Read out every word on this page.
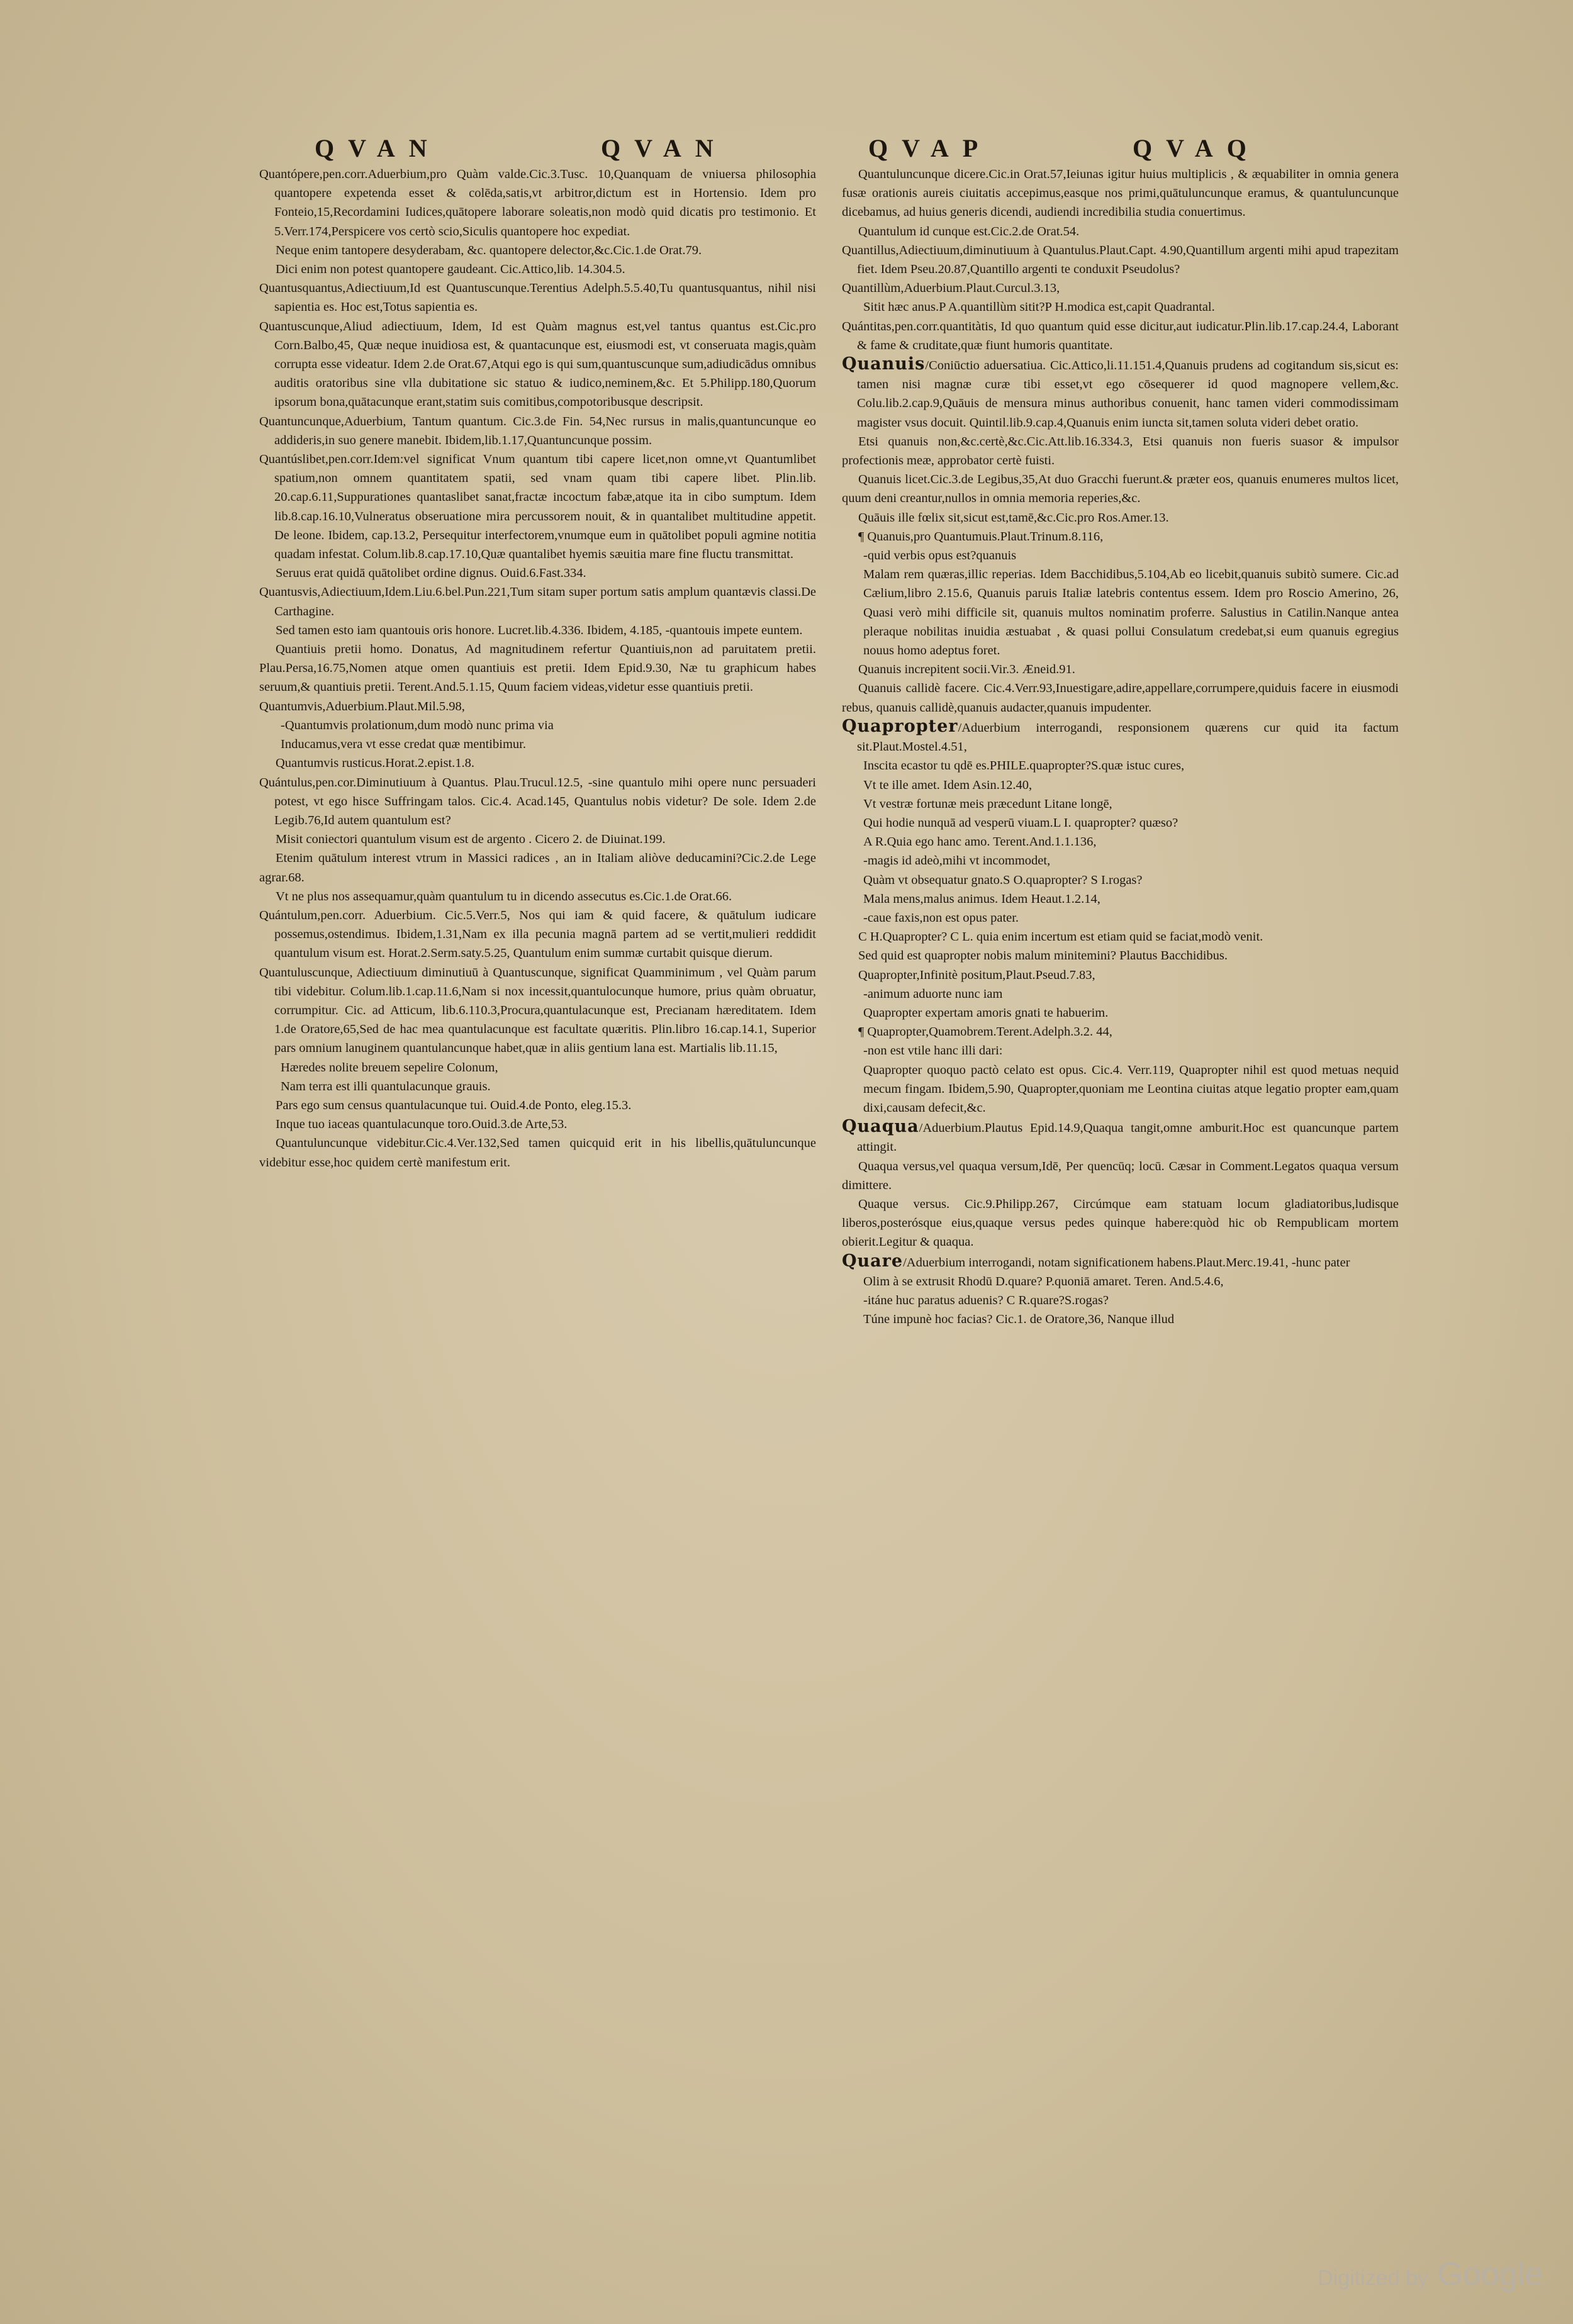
QVAN	QVAN	QVAP	QVAQ

Quantópere,pen.corr.Aduerbium,pro Quàm valde.Cic.3.Tusc. 10,Quanquam de vniuersa philosophia quantopere expetenda esset & colēda,satis,vt arbitror,dictum est in Hortensio. Idem pro Fonteio,15,Recordamini Iudices,quātopere laborare soleatis,non modò quid dicatis pro testimonio. Et 5.Verr.174,Perspicere vos certò scio,Siculis quantopere hoc expediat.

Neque enim tantopere desyderabam, &c. quantopere delector,&c.Cic.1.de Orat.79.

Dici enim non potest quantopere gaudeant. Cic.Attico,lib. 14.304.5.

Quantusquantus,Adiectiuum,Id est Quantuscunque.Terentius Adelph.5.5.40,Tu quantusquantus, nihil nisi sapientia es. Hoc est,Totus sapientia es.

Quantuscunque,Aliud adiectiuum, Idem, Id est Quàm magnus est,vel tantus quantus est.Cic.pro Corn.Balbo,45, Quæ neque inuidiosa est, & quantacunque est, eiusmodi est, vt conseruata magis,quàm corrupta esse videatur. Idem 2.de Orat.67,Atqui ego is qui sum,quantuscunque sum,adiudicādus omnibus auditis oratoribus sine vlla dubitatione sic statuo & iudico,neminem,&c. Et 5.Philipp.180,Quorum ipsorum bona,quātacunque erant,statim suis comitibus,compotoribusque descripsit.

Quantuncunque,Aduerbium, Tantum quantum. Cic.3.de Fin. 54,Nec rursus in malis,quantuncunque eo addideris,in suo genere manebit. Ibidem,lib.1.17,Quantuncunque possim.

Quantúslibet,pen.corr.Idem:vel significat Vnum quantum tibi capere licet,non omne,vt Quantumlibet spatium,non omnem quantitatem spatii, sed vnam quam tibi capere libet. Plin.lib. 20.cap.6.11,Suppurationes quantaslibet sanat,fractæ incoctum fabæ,atque ita in cibo sumptum. Idem lib.8.cap.16.10,Vulneratus obseruatione mira percussorem nouit, & in quantalibet multitudine appetit. De leone. Ibidem, cap.13.2, Persequitur interfectorem,vnumque eum in quātolibet populi agmine notitia quadam infestat. Colum.lib.8.cap.17.10,Quæ quantalibet hyemis sæuitia mare fine fluctu transmittat.

Seruus erat quidā quātolibet ordine dignus. Ouid.6.Fast.334.

Quantusvis,Adiectiuum,Idem.Liu.6.bel.Pun.221,Tum sitam super portum satis amplum quantævis classi.De Carthagine.

Sed tamen esto iam quantouis oris honore. Lucret.lib.4.336. Ibidem, 4.185, -quantouis impete euntem.

Quantiuis pretii homo. Donatus, Ad magnitudinem refertur Quantiuis,non ad paruitatem pretii. Plau.Persa,16.75,Nomen atque omen quantiuis est pretii. Idem Epid.9.30, Næ tu graphicum habes seruum,& quantiuis pretii. Terent.And.5.1.15, Quum faciem videas,videtur esse quantiuis pretii.

Quantumvis,Aduerbium.Plaut.Mil.5.98,

-Quantumvis prolationum,dum modò nunc prima via

Inducamus,vera vt esse credat quæ mentibimur.

Quantumvis rusticus.Horat.2.epist.1.8.

Quántulus,pen.cor.Diminutiuum à Quantus. Plau.Trucul.12.5, -sine quantulo mihi opere nunc persuaderi potest, vt ego hisce Suffringam talos. Cic.4. Acad.145, Quantulus nobis videtur? De sole. Idem 2.de Legib.76,Id autem quantulum est?

Misit coniectori quantulum visum est de argento . Cicero 2. de Diuinat.199.

Etenim quātulum interest vtrum in Massici radices , an in Italiam aliòve deducamini?Cic.2.de Lege agrar.68.

Vt ne plus nos assequamur,quàm quantulum tu in dicendo assecutus es.Cic.1.de Orat.66.

Quántulum,pen.corr. Aduerbium. Cic.5.Verr.5, Nos qui iam & quid facere, & quātulum iudicare possemus,ostendimus. Ibidem,1.31,Nam ex illa pecunia magnā partem ad se vertit,mulieri reddidit quantulum visum est. Horat.2.Serm.saty.5.25, Quantulum enim summæ curtabit quisque dierum.

Quantuluscunque, Adiectiuum diminutiuū à Quantuscunque, significat Quamminimum , vel Quàm parum tibi videbitur. Colum.lib.1.cap.11.6,Nam si nox incessit,quantulocunque humore, prius quàm obruatur, corrumpitur. Cic. ad Atticum, lib.6.110.3,Procura,quantulacunque est, Precianam hæreditatem. Idem 1.de Oratore,65,Sed de hac mea quantulacunque est facultate quæritis. Plin.libro 16.cap.14.1, Superior pars omnium lanuginem quantulancunque habet,quæ in aliis gentium lana est. Martialis lib.11.15,

Hæredes nolite breuem sepelire Colonum,

Nam terra est illi quantulacunque grauis.

Pars ego sum census quantulacunque tui. Ouid.4.de Ponto, eleg.15.3.

Inque tuo iaceas quantulacunque toro.Ouid.3.de Arte,53.

Quantuluncunque videbitur.Cic.4.Ver.132,Sed tamen quicquid erit in his libellis,quātuluncunque videbitur esse,hoc quidem certè manifestum erit.

Quantuluncunque dicere.Cic.in Orat.57,Ieiunas igitur huius multiplicis , & æquabiliter in omnia genera fusæ orationis aureis ciuitatis accepimus,easque nos primi,quātuluncunque eramus, & quantuluncunque dicebamus, ad huius generis dicendi, audiendi incredibilia studia conuertimus.

Quantulum id cunque est.Cic.2.de Orat.54.

Quantillus,Adiectiuum,diminutiuum à Quantulus.Plaut.Capt. 4.90,Quantillum argenti mihi apud trapezitam fiet. Idem Pseu.20.87,Quantillo argenti te conduxit Pseudolus?

Quantillùm,Aduerbium.Plaut.Curcul.3.13,

Sitit hæc anus.P A.quantillùm sitit?P H.modica est,capit Quadrantal.

Quántitas,pen.corr.quantitàtis, Id quo quantum quid esse dicitur,aut iudicatur.Plin.lib.17.cap.24.4, Laborant & fame & cruditate,quæ fiunt humoris quantitate.

Quanuis/Coniūctio aduersatiua. Cic.Attico,li.11.151.4,Quanuis prudens ad cogitandum sis,sicut es: tamen nisi magnæ curæ tibi esset,vt ego cōsequerer id quod magnopere vellem,&c. Colu.lib.2.cap.9,Quāuis de mensura minus authoribus conuenit, hanc tamen videri commodissimam magister vsus docuit. Quintil.lib.9.cap.4,Quanuis enim iuncta sit,tamen soluta videri debet oratio.

Etsi quanuis non,&c.certè,&c.Cic.Att.lib.16.334.3, Etsi quanuis non fueris suasor & impulsor profectionis meæ, approbator certè fuisti.

Quanuis licet.Cic.3.de Legibus,35,At duo Gracchi fuerunt.& præter eos, quanuis enumeres multos licet, quum deni creantur,nullos in omnia memoria reperies,&c.

Quāuis ille fœlix sit,sicut est,tamē,&c.Cic.pro Ros.Amer.13.

¶ Quanuis,pro Quantumuis.Plaut.Trinum.8.116,

-quid verbis opus est?quanuis

Malam rem quæras,illic reperias. Idem Bacchidibus,5.104,Ab eo licebit,quanuis subitò sumere. Cic.ad Cælium,libro 2.15.6, Quanuis paruis Italiæ latebris contentus essem. Idem pro Roscio Amerino, 26, Quasi verò mihi difficile sit, quanuis multos nominatim proferre. Salustius in Catilin.Nanque antea pleraque nobilitas inuidia æstuabat , & quasi pollui Consulatum credebat,si eum quanuis egregius nouus homo adeptus foret.

Quanuis increpitent socii.Vir.3. Æneid.91.

Quanuis callidè facere. Cic.4.Verr.93,Inuestigare,adire,appellare,corrumpere,quiduis facere in eiusmodi rebus, quanuis callidè,quanuis audacter,quanuis impudenter.

Quapropter/Aduerbium interrogandi, responsionem quærens cur quid ita factum sit.Plaut.Mostel.4.51,

Inscita ecastor tu qdē es.PHILE.quapropter?S.quæ istuc cures,

Vt te ille amet. Idem Asin.12.40,

Vt vestræ fortunæ meis præcedunt Litane longē,

Qui hodie nunquā ad vesperū viuam.L I. quapropter? quæso?

A R.Quia ego hanc amo. Terent.And.1.1.136,

-magis id adeò,mihi vt incommodet,

Quàm vt obsequatur gnato.S O.quapropter? S I.rogas?

Mala mens,malus animus. Idem Heaut.1.2.14,

-caue faxis,non est opus pater.

C H.Quapropter? C L. quia enim incertum est etiam quid se faciat,modò venit.

Sed quid est quapropter nobis malum minitemini? Plautus Bacchidibus.

Quapropter,Infinitè positum,Plaut.Pseud.7.83,

-animum aduorte nunc iam

Quapropter expertam amoris gnati te habuerim.

¶ Quapropter,Quamobrem.Terent.Adelph.3.2. 44,

-non est vtile hanc illi dari:

Quapropter quoquo pactò celato est opus. Cic.4. Verr.119, Quapropter nihil est quod metuas nequid mecum fingam. Ibidem,5.90, Quapropter,quoniam me Leontina ciuitas atque legatio propter eam,quam dixi,causam defecit,&c.

Quaqua/Aduerbium.Plautus Epid.14.9,Quaqua tangit,omne amburit.Hoc est quancunque partem attingit.

Quaqua versus,vel quaqua versum,Idē, Per quencūq; locū. Cæsar in Comment.Legatos quaqua versum dimittere.

Quaque versus. Cic.9.Philipp.267, Circúmque eam statuam locum gladiatoribus,ludisque liberos,posterósque eius,quaque versus pedes quinque habere:quòd hic ob Rempublicam mortem obierit.Legitur & quaqua.

Quare/Aduerbium interrogandi, notam significationem habens.Plaut.Merc.19.41, -hunc pater

Olim à se extrusit Rhodū D.quare? P.quoniā amaret. Teren. And.5.4.6,

-itáne huc paratus aduenis? C R.quare?S.rogas?

Túne impunè hoc facias? Cic.1. de Oratore,36, Nanque illud

Digitized by Google
